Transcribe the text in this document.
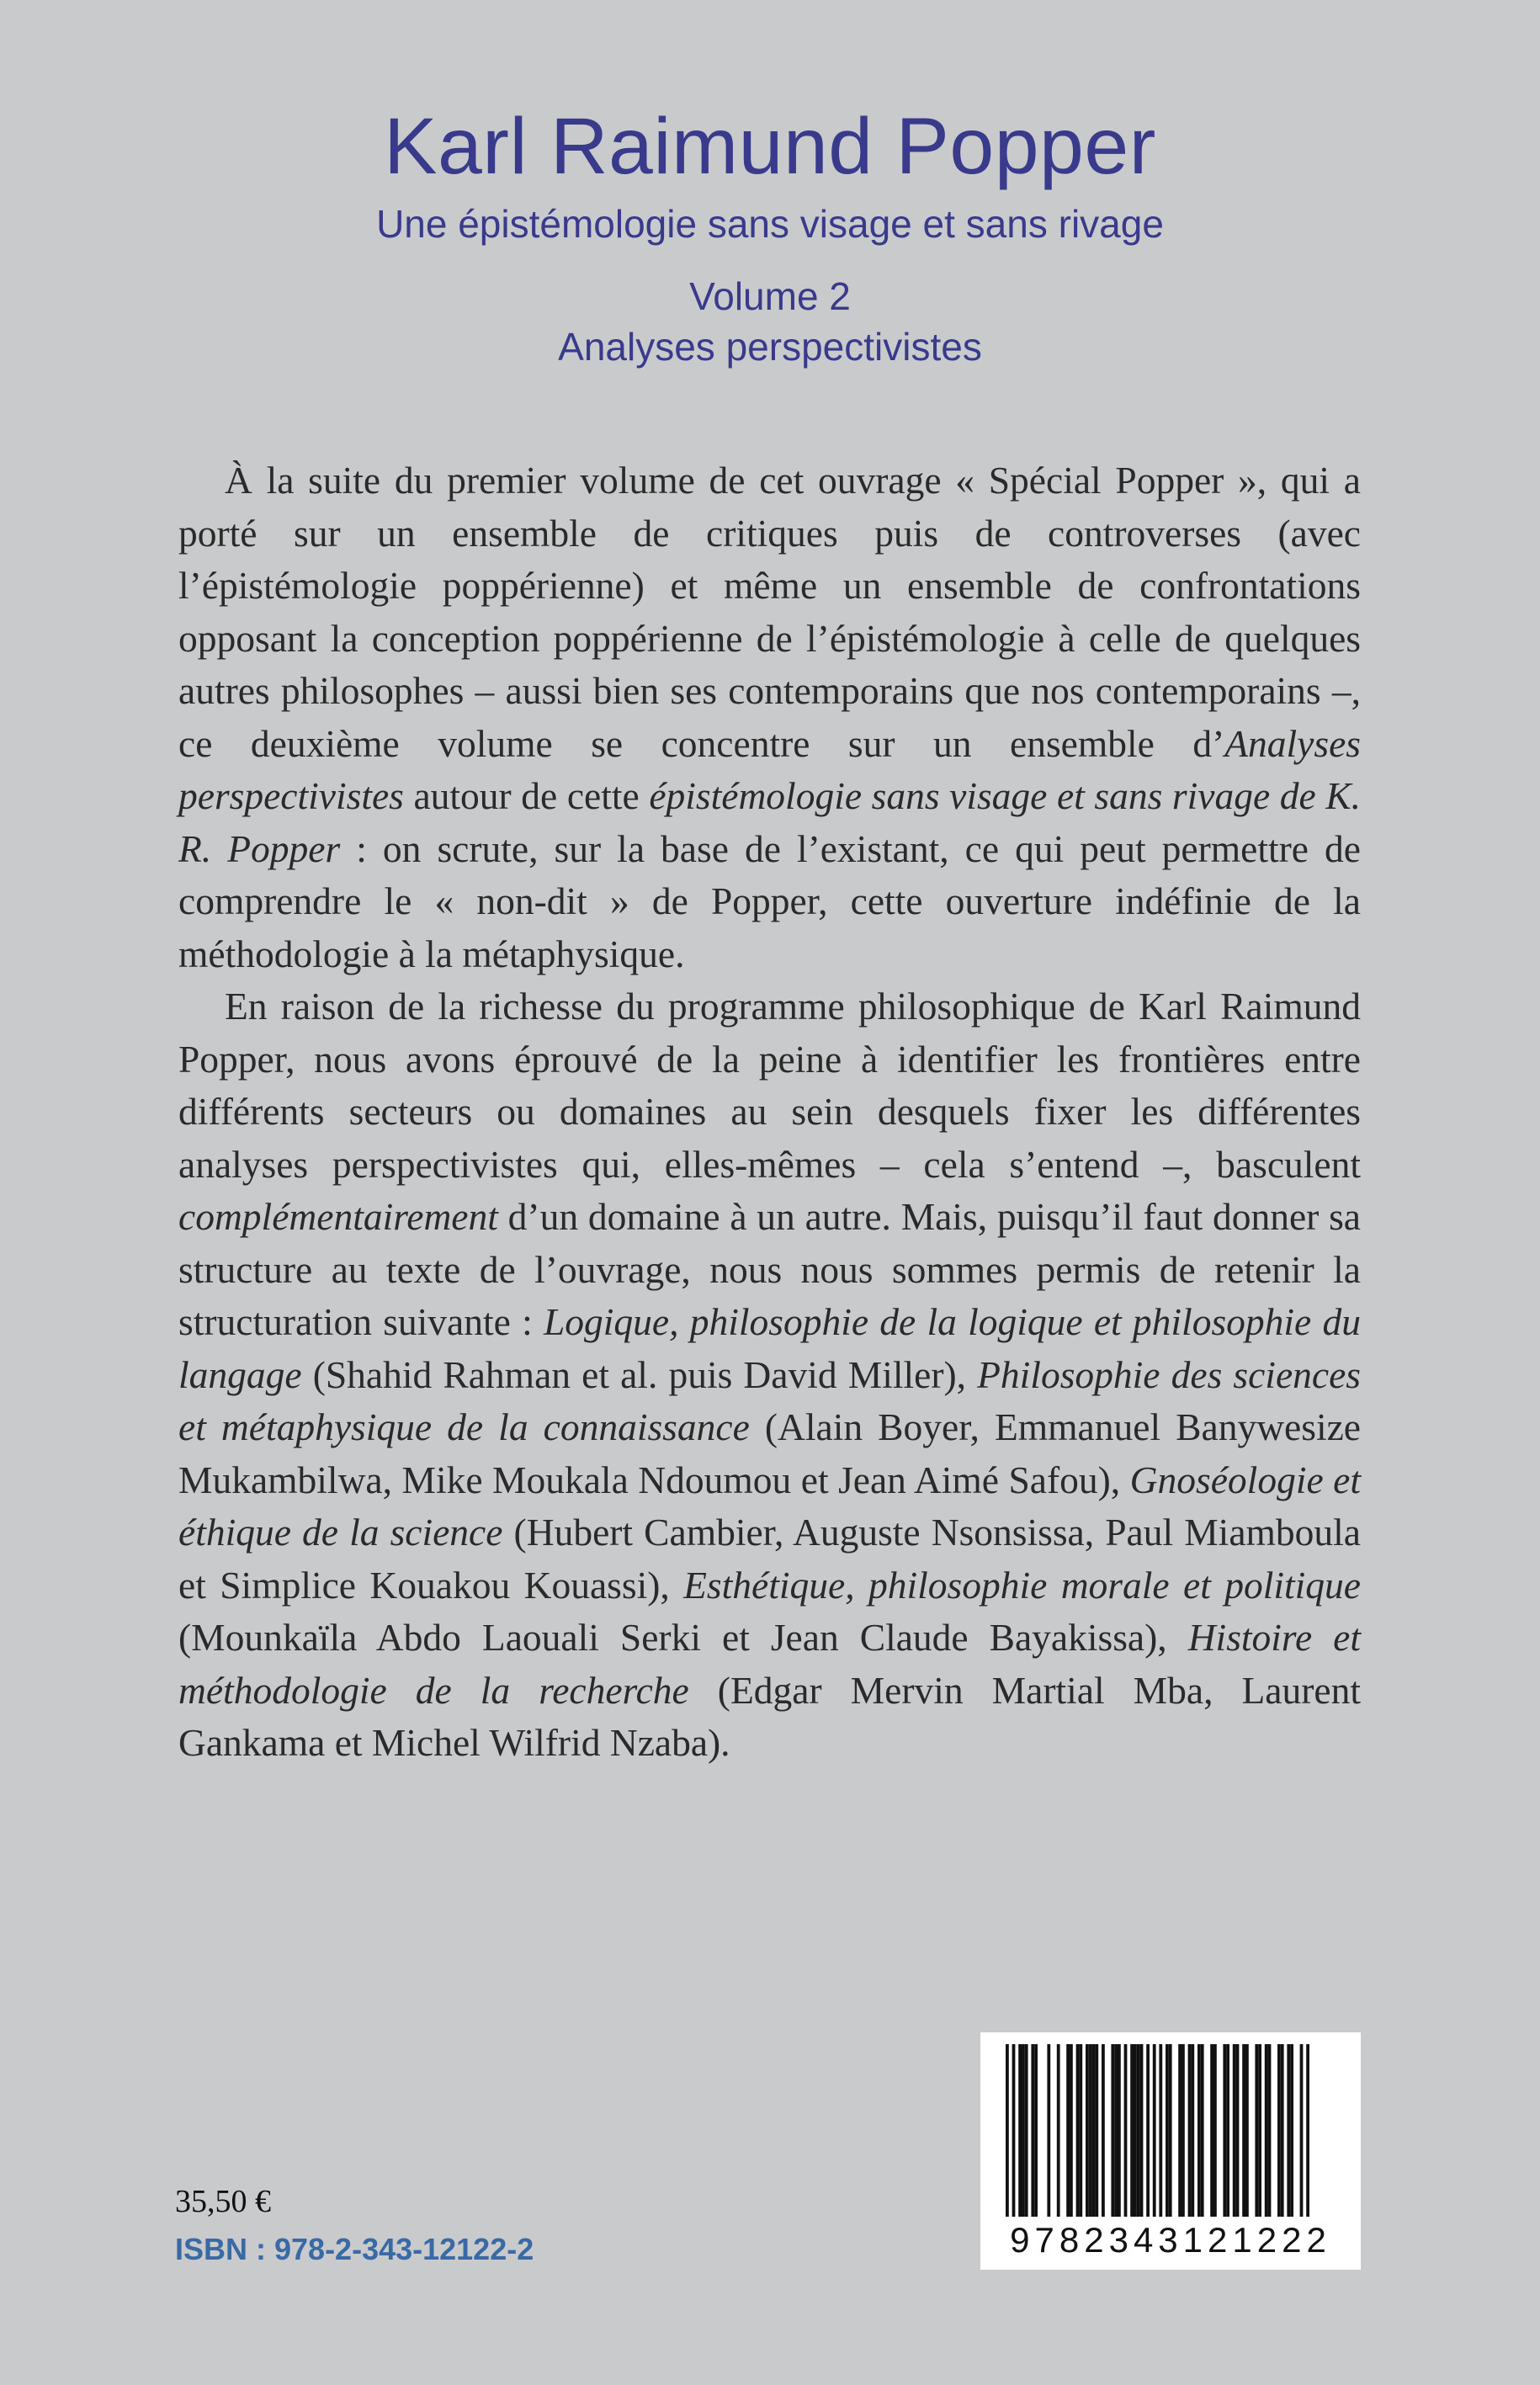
Karl Raimund Popper
Une épistémologie sans visage et sans rivage
Volume 2
Analyses perspectivistes

À la suite du premier volume de cet ouvrage « Spécial Popper », qui a porté sur un ensemble de critiques puis de controverses (avec l’épistémologie poppérienne) et même un ensemble de confrontations opposant la conception poppérienne de l’épistémologie à celle de quelques autres philosophes – aussi bien ses contemporains que nos contemporains –, ce deuxième volume se concentre sur un ensemble d’Analyses perspectivistes autour de cette épistémologie sans visage et sans rivage de K. R. Popper : on scrute, sur la base de l’existant, ce qui peut permettre de comprendre le « non-dit » de Popper, cette ouverture indéfinie de la méthodologie à la métaphysique.

En raison de la richesse du programme philosophique de Karl Raimund Popper, nous avons éprouvé de la peine à identifier les frontières entre différents secteurs ou domaines au sein desquels fixer les différentes analyses perspectivistes qui, elles-mêmes – cela s’entend –, basculent complémentairement d’un domaine à un autre. Mais, puisqu’il faut donner sa structure au texte de l’ouvrage, nous nous sommes permis de retenir la structuration suivante : Logique, philosophie de la logique et philosophie du langage (Shahid Rahman et al. puis David Miller), Philosophie des sciences et métaphysique de la connaissance (Alain Boyer, Emmanuel Banywesize Mukambilwa, Mike Moukala Ndoumou et Jean Aimé Safou), Gnoséologie et éthique de la science (Hubert Cambier, Auguste Nsonsissa, Paul Miamboula et Simplice Kouakou Kouassi), Esthétique, philosophie morale et politique (Mounkaïla Abdo Laouali Serki et Jean Claude Bayakissa), Histoire et méthodologie de la recherche (Edgar Mervin Martial Mba, Laurent Gankama et Michel Wilfrid Nzaba).

35,50 €
ISBN : 978-2-343-12122-2	9782343121222
